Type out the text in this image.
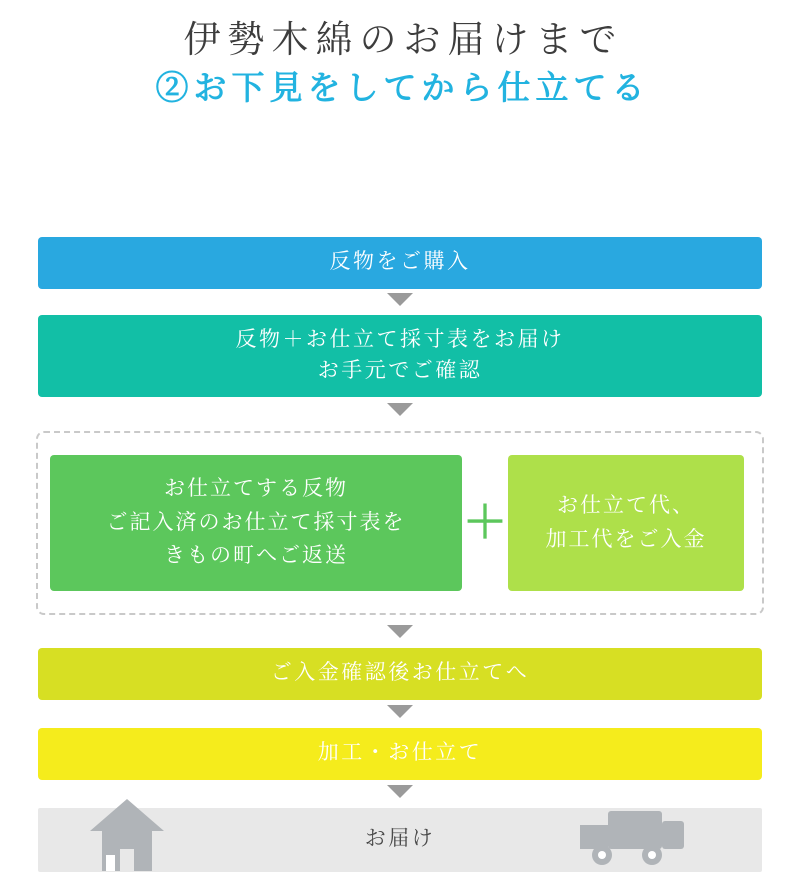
伊勢木綿のお届けまで
②お下見をしてから仕立てる
反物をご購入
反物＋お仕立て採寸表をお届け
お手元でご確認
お仕立てする反物
ご記入済のお仕立て採寸表を
きもの町へご返送
＋	お仕立て代、
加工代をご入金
ご入金確認後お仕立てへ
加工・お仕立て
お届け
